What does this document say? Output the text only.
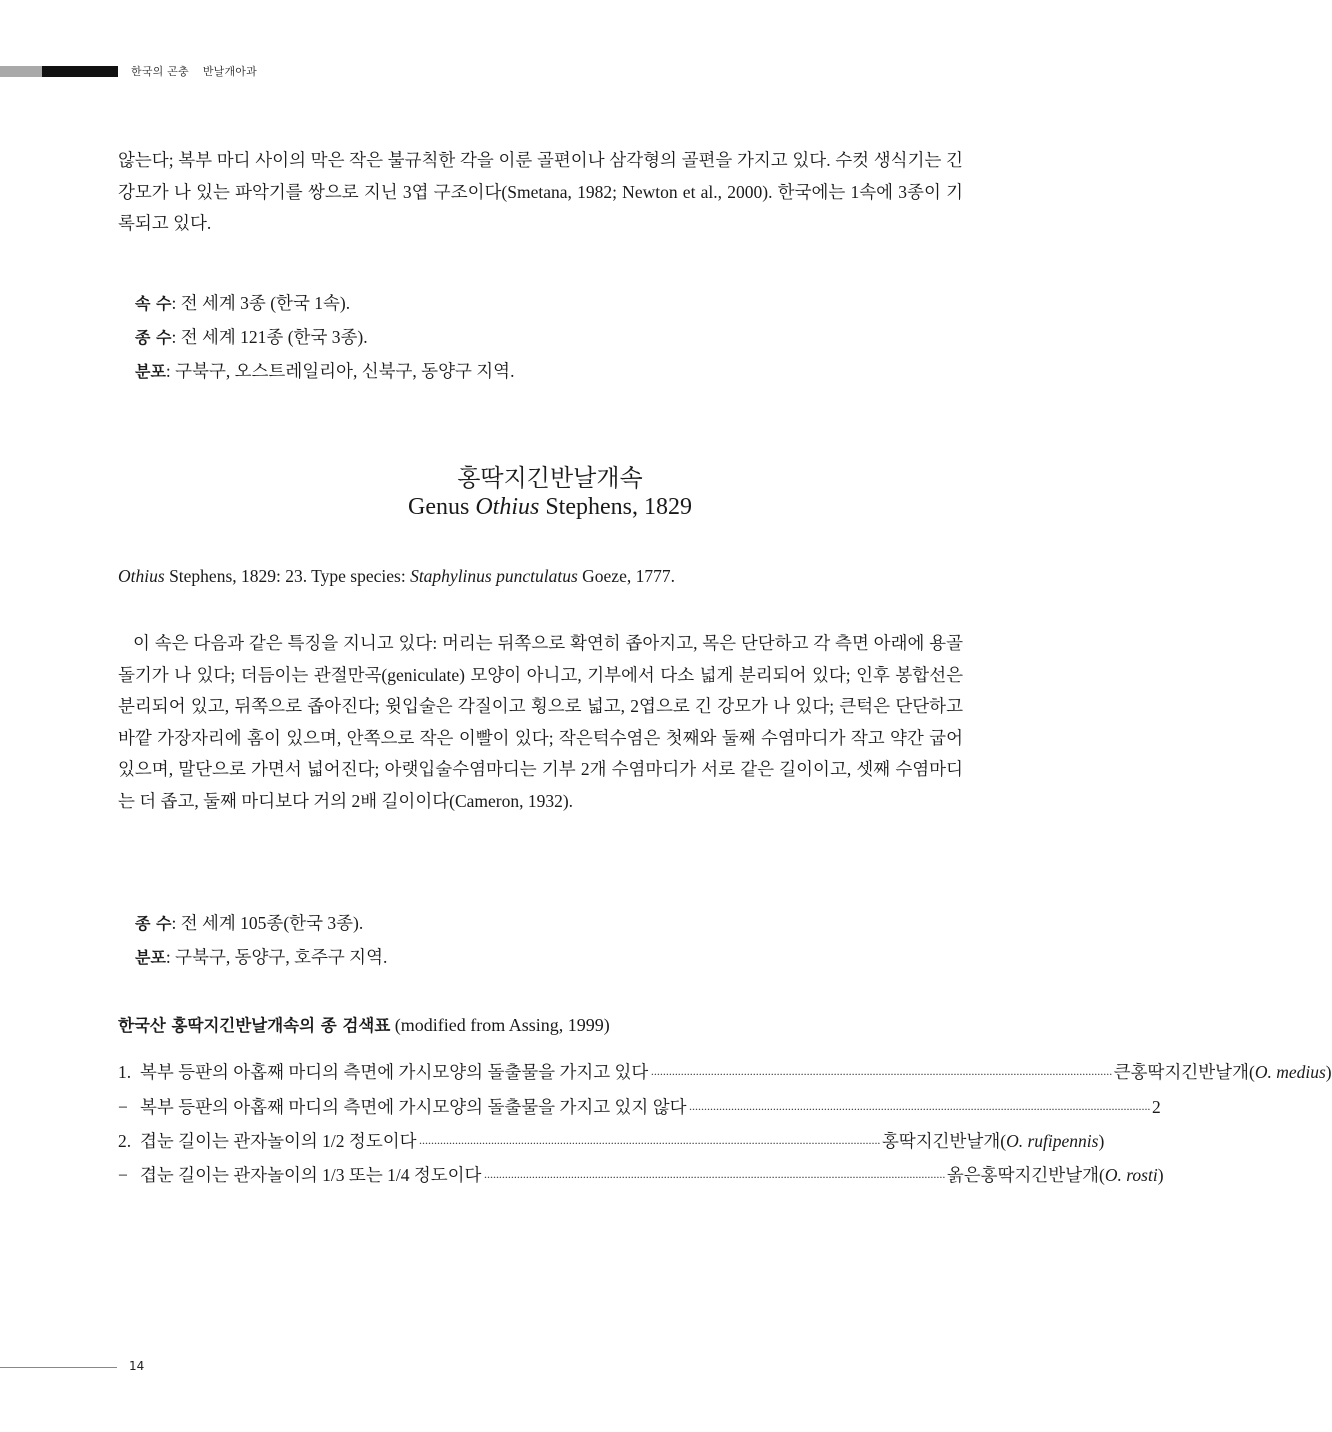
한국의 곤충 반날개아과
않는다; 복부 마디 사이의 막은 작은 불규칙한 각을 이룬 골편이나 삼각형의 골편을 가지고 있다. 수컷 생식기는 긴 강모가 나 있는 파악기를 쌍으로 지닌 3엽 구조이다(Smetana, 1982; Newton et al., 2000). 한국에는 1속에 3종이 기록되고 있다.
속 수: 전 세계 3종 (한국 1속).
종 수: 전 세계 121종 (한국 3종).
분포: 구북구, 오스트레일리아, 신북구, 동양구 지역.
홍딱지긴반날개속
Genus Othius Stephens, 1829
Othius Stephens, 1829: 23. Type species: Staphylinus punctulatus Goeze, 1777.
이 속은 다음과 같은 특징을 지니고 있다: 머리는 뒤쪽으로 확연히 좁아지고, 목은 단단하고 각 측면 아래에 용골돌기가 나 있다; 더듬이는 관절만곡(geniculate) 모양이 아니고, 기부에서 다소 넓게 분리되어 있다; 인후 봉합선은 분리되어 있고, 뒤쪽으로 좁아진다; 윗입술은 각질이고 횡으로 넓고, 2엽으로 긴 강모가 나 있다; 큰턱은 단단하고 바깥 가장자리에 홈이 있으며, 안쪽으로 작은 이빨이 있다; 작은턱수염은 첫째와 둘째 수염마디가 작고 약간 굽어 있으며, 말단으로 가면서 넓어진다; 아랫입술수염마디는 기부 2개 수염마디가 서로 같은 길이이고, 셋째 수염마디는 더 좁고, 둘째 마디보다 거의 2배 길이이다(Cameron, 1932).
종 수: 전 세계 105종(한국 3종).
분포: 구북구, 동양구, 호주구 지역.
한국산 홍딱지긴반날개속의 종 검색표 (modified from Assing, 1999)
1. 복부 등판의 아홉째 마디의 측면에 가시모양의 돌출물을 가지고 있다 ·························································································································································· 큰홍딱지긴반날개(O. medius)
− 복부 등판의 아홉째 마디의 측면에 가시모양의 돌출물을 가지고 있지 않다 ·························································································································································· 2
2. 겹눈 길이는 관자놀이의 1/2 정도이다 ·························································································································································· 홍딱지긴반날개(O. rufipennis)
− 겹눈 길이는 관자놀이의 1/3 또는 1/4 정도이다 ·························································································································································· 옭은홍딱지긴반날개(O. rosti)
14
